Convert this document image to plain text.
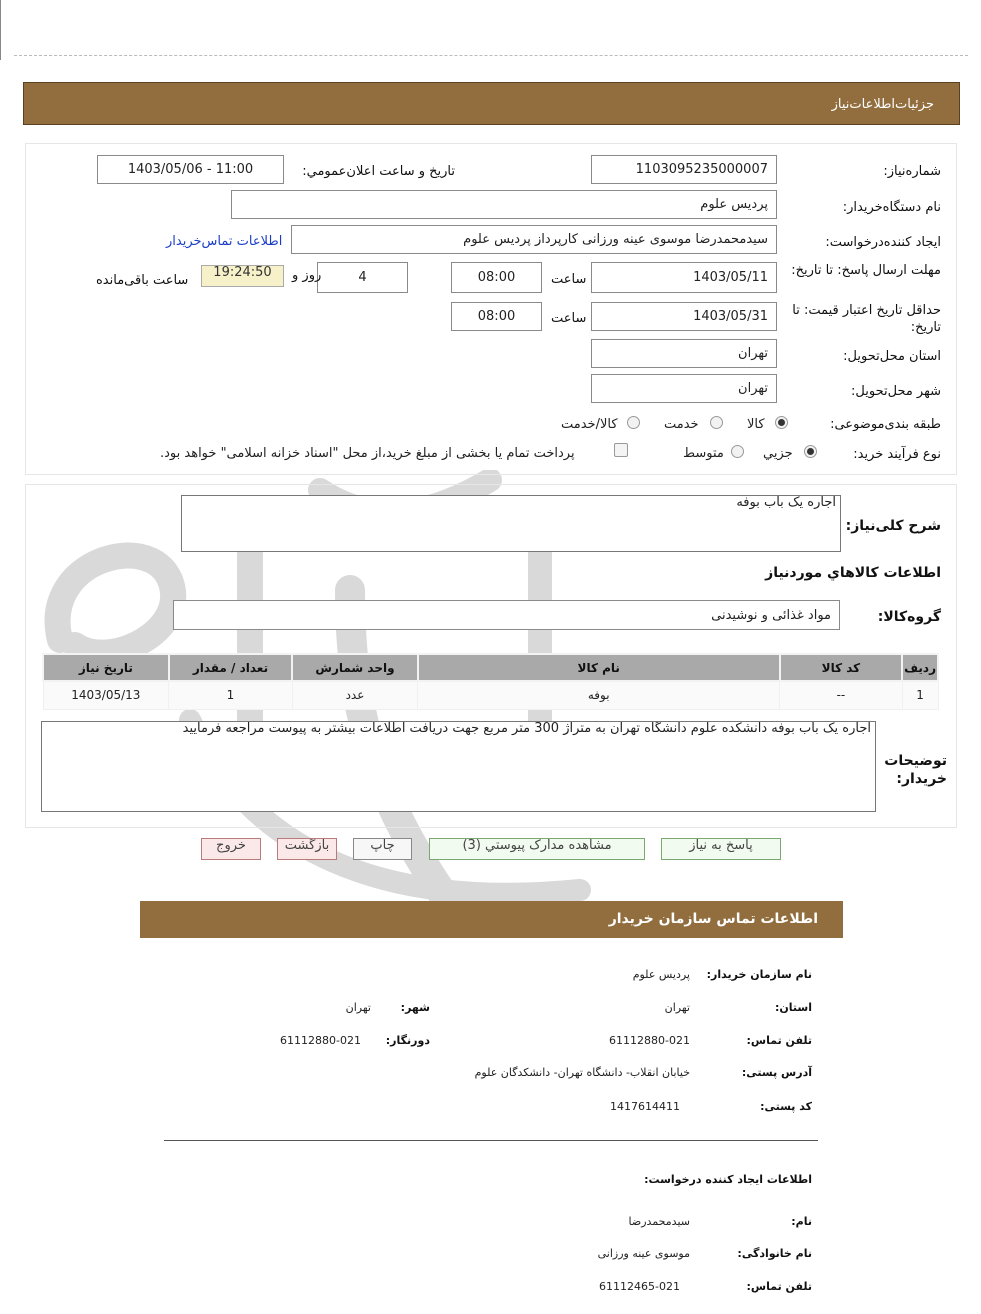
جزئیات‌اطلاعات‌نیاز
شماره‌نیاز:
1103095235000007
تاريخ و ساعت اعلان‌عمومي:
1403/05/06 - 11:00
نام دستگاه‌خريدار:
پردیس علوم
ايجاد کننده‌درخواست:
سیدمحمدرضا موسوی عینه ورزانی کارپرداز پردیس علوم
اطلاعات تماس‌خريدار
مهلت ارسال پاسخ: تا تاريخ:
1403/05/11
ساعت
08:00
4
روز و
19:24:50
ساعت باقی‌مانده
حداقل تاريخ اعتبار قيمت: تا تاريخ:
1403/05/31
ساعت
08:00
استان محل‌تحويل:
تهران
شهر محل‌تحويل:
تهران
طبقه بندی‌موضوعی:
کالا
خدمت
کالا/خدمت
نوع فرآيند خريد:
جزيي
متوسط
پرداخت تمام يا بخشی از مبلغ خريد،از محل "اسناد خزانه اسلامی" خواهد بود.
شرح کلی‌نياز:
اجاره یک باب بوفه
اطلاعات کالاهاي مورد‌نياز
گروه‌کالا:
مواد غذائی و نوشیدنی
رديف	کد کالا	نام کالا	واحد شمارش	تعداد / مقدار	تاريخ نياز
1	--	بوفه	عدد	1	1403/05/13
توضيحات خريدار:
اجاره یک باب بوفه دانشکده علوم دانشگاه تهران به متراژ 300 متر مربع جهت دریافت اطلاعات بیشتر به پیوست مراجعه فرمایید
پاسخ به نياز
مشاهده مدارک پیوستي (3)
چاپ
بازگشت
خروج
اطلاعات تماس سازمان خريدار
نام سازمان خريدار:
پردیس علوم
استان:
تهران
شهر:
تهران
تلفن تماس:
61112880-021
دورنگار:
61112880-021
آدرس پستی:
خیابان انقلاب- دانشگاه تهران- دانشکدگان علوم
کد پستی:
1417614411
اطلاعات ايجاد کننده درخواست:
نام:
سیدمحمدرضا
نام خانوادگی:
موسوی عینه ورزانی
تلفن تماس:
61112465-021
